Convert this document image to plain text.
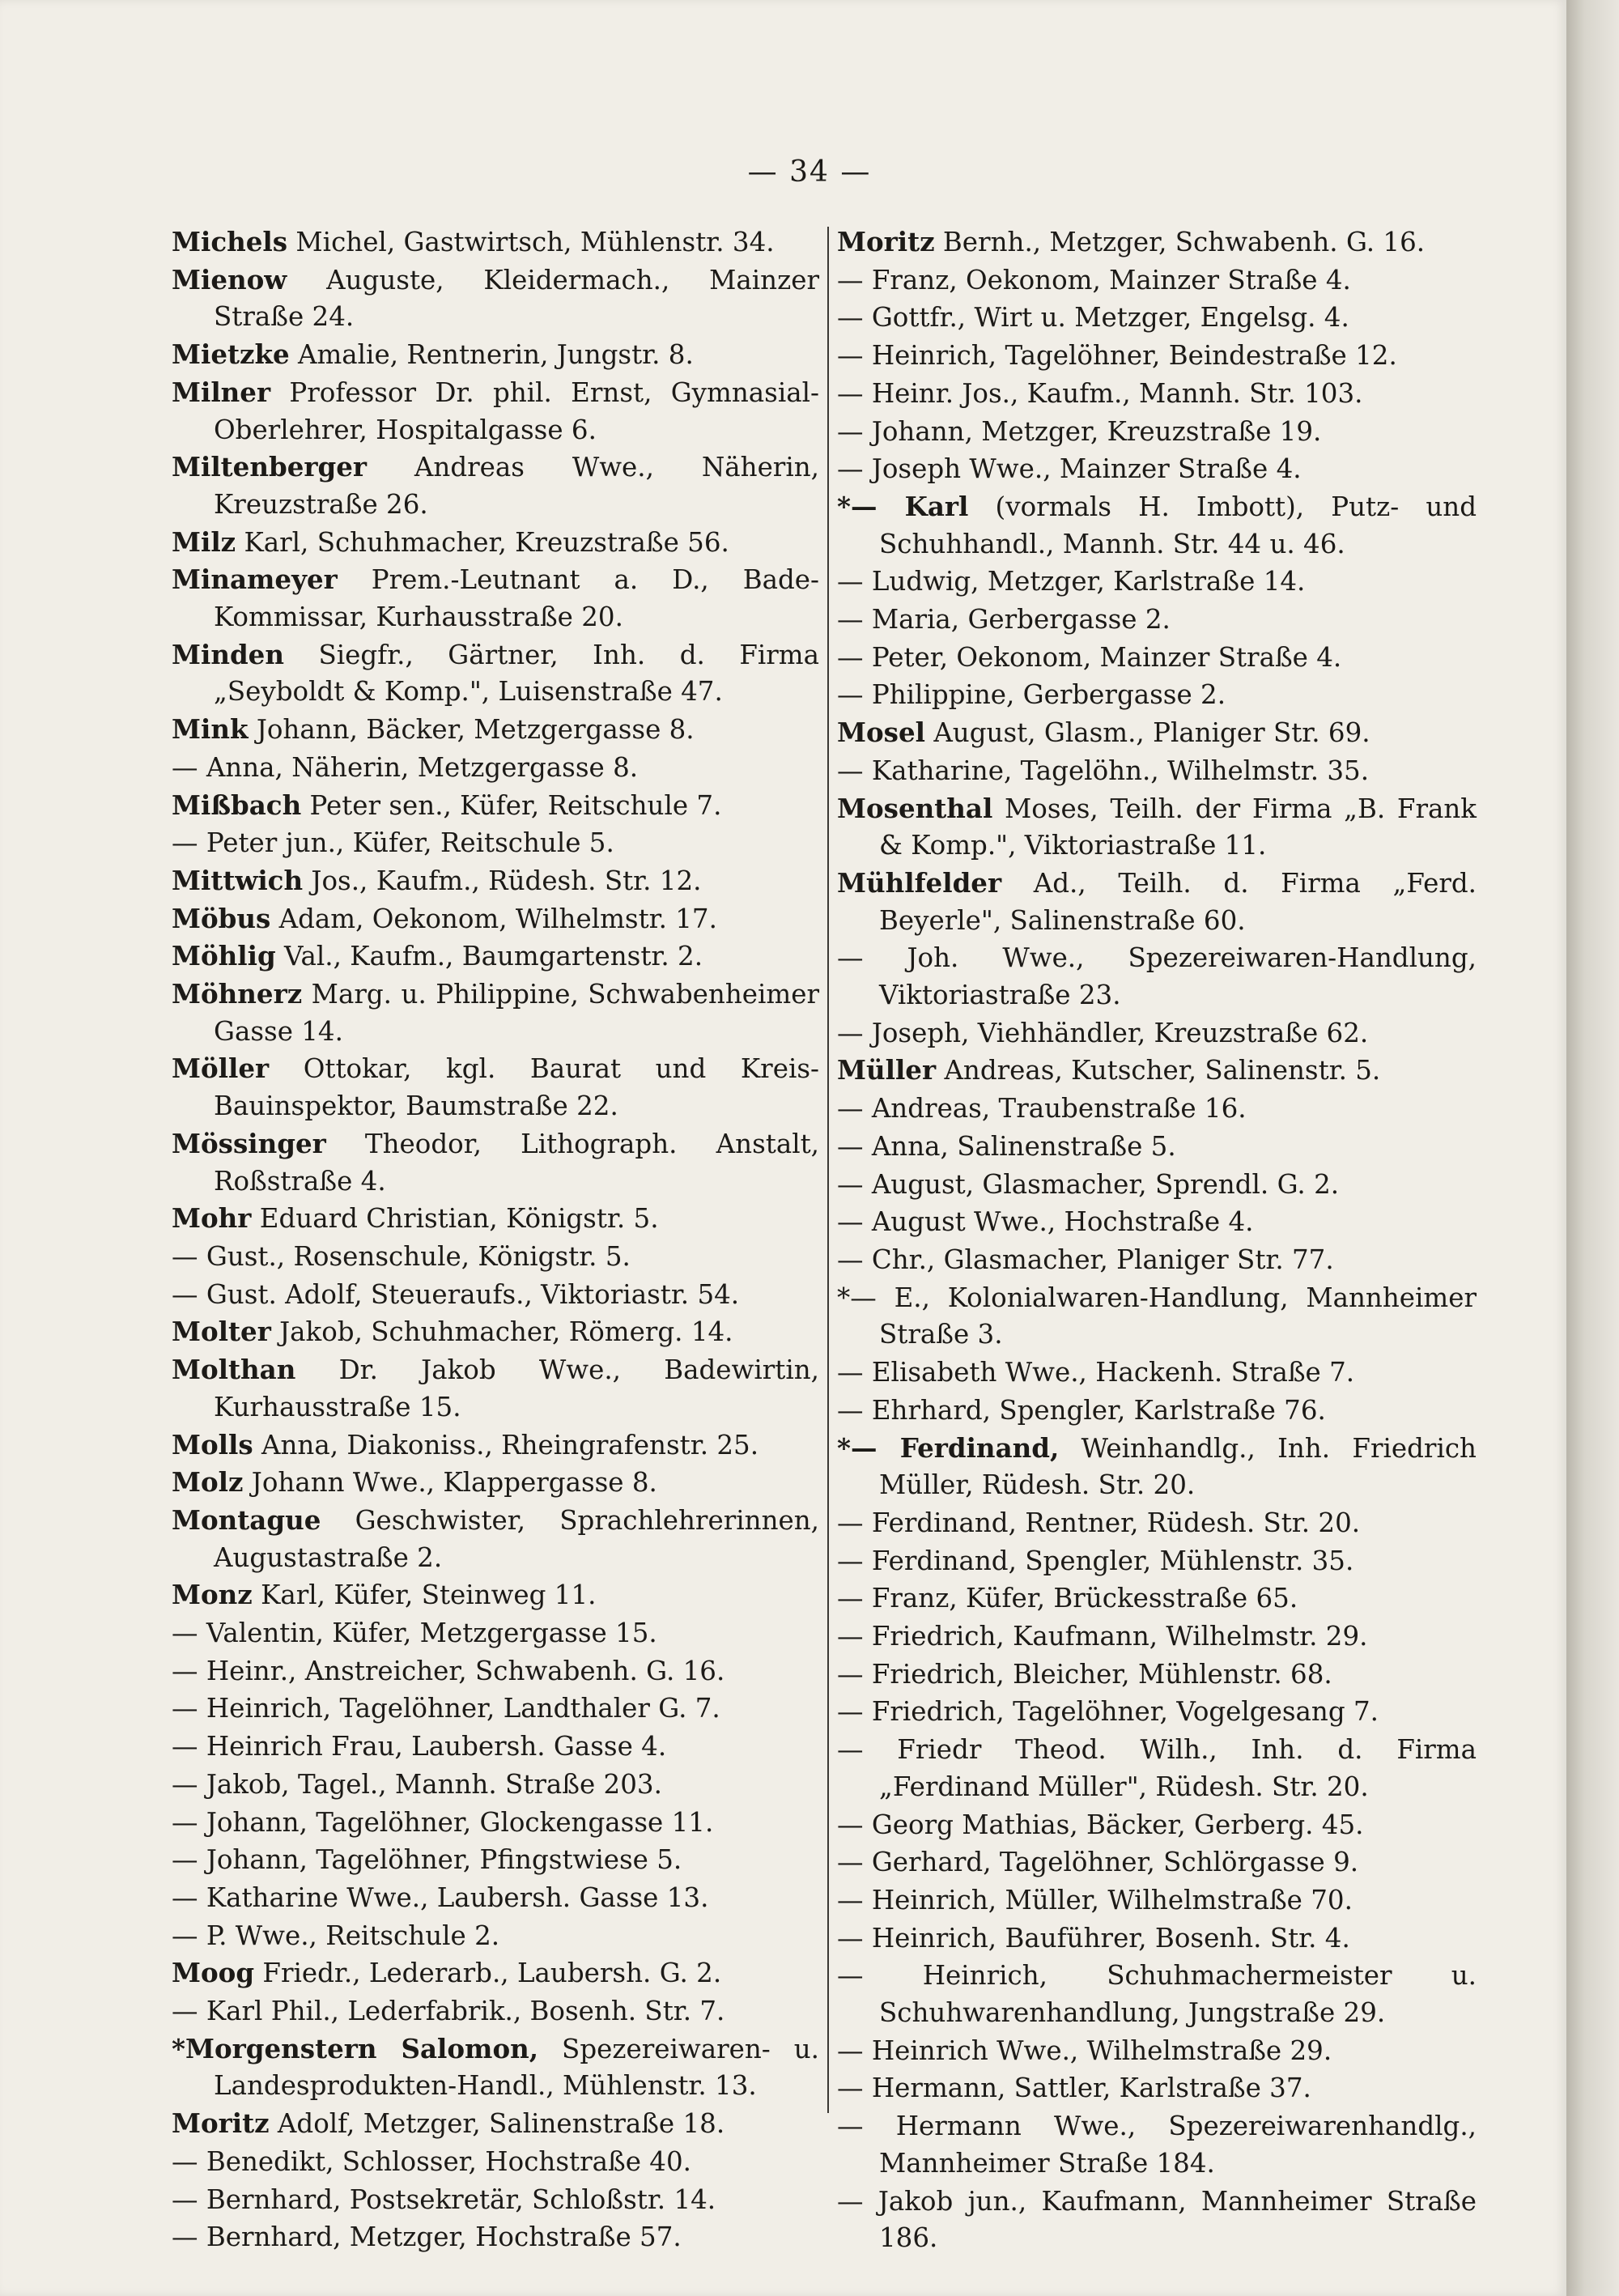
— 34 —
Michels Michel, Gastwirtsch, Mühlenstr. 34.
Mienow Auguste, Kleidermach., Mainzer Straße 24.
Mietzke Amalie, Rentnerin, Jungstr. 8.
Milner Professor Dr. phil. Ernst, Gymnasial-Oberlehrer, Hospitalgasse 6.
Miltenberger Andreas Wwe., Näherin, Kreuzstraße 26.
Milz Karl, Schuhmacher, Kreuzstraße 56.
Minameyer Prem.-Leutnant a. D., Bade-Kommissar, Kurhausstraße 20.
Minden Siegfr., Gärtner, Inh. d. Firma „Seyboldt & Komp.", Luisenstraße 47.
Mink Johann, Bäcker, Metzgergasse 8.
— Anna, Näherin, Metzgergasse 8.
Mißbach Peter sen., Küfer, Reitschule 7.
— Peter jun., Küfer, Reitschule 5.
Mittwich Jos., Kaufm., Rüdesh. Str. 12.
Möbus Adam, Oekonom, Wilhelmstr. 17.
Möhlig Val., Kaufm., Baumgartenstr. 2.
Möhnerz Marg. u. Philippine, Schwabenheimer Gasse 14.
Möller Ottokar, kgl. Baurat und Kreis-Bauinspektor, Baumstraße 22.
Mössinger Theodor, Lithograph. Anstalt, Roßstraße 4.
Mohr Eduard Christian, Königstr. 5.
— Gust., Rosenschule, Königstr. 5.
— Gust. Adolf, Steueraufs., Viktoriastr. 54.
Molter Jakob, Schuhmacher, Römerg. 14.
Molthan Dr. Jakob Wwe., Badewirtin, Kurhausstraße 15.
Molls Anna, Diakoniss., Rheingrafenstr. 25.
Molz Johann Wwe., Klappergasse 8.
Montague Geschwister, Sprachlehrerinnen, Augustastraße 2.
Monz Karl, Küfer, Steinweg 11.
— Valentin, Küfer, Metzgergasse 15.
— Heinr., Anstreicher, Schwabenh. G. 16.
— Heinrich, Tagelöhner, Landthaler G. 7.
— Heinrich Frau, Laubersh. Gasse 4.
— Jakob, Tagel., Mannh. Straße 203.
— Johann, Tagelöhner, Glockengasse 11.
— Johann, Tagelöhner, Pfingstwiese 5.
— Katharine Wwe., Laubersh. Gasse 13.
— P. Wwe., Reitschule 2.
Moog Friedr., Lederarb., Laubersh. G. 2.
— Karl Phil., Lederfabrik., Bosenh. Str. 7.
*Morgenstern Salomon, Spezereiwaren- u. Landesprodukten-Handl., Mühlenstr. 13.
Moritz Adolf, Metzger, Salinenstraße 18.
— Benedikt, Schlosser, Hochstraße 40.
— Bernhard, Postsekretär, Schloßstr. 14.
— Bernhard, Metzger, Hochstraße 57.
Moritz Bernh., Metzger, Schwabenh. G. 16.
— Franz, Oekonom, Mainzer Straße 4.
— Gottfr., Wirt u. Metzger, Engelsg. 4.
— Heinrich, Tagelöhner, Beindestraße 12.
— Heinr. Jos., Kaufm., Mannh. Str. 103.
— Johann, Metzger, Kreuzstraße 19.
— Joseph Wwe., Mainzer Straße 4.
*— Karl (vormals H. Imbott), Putz- und Schuhhandl., Mannh. Str. 44 u. 46.
— Ludwig, Metzger, Karlstraße 14.
— Maria, Gerbergasse 2.
— Peter, Oekonom, Mainzer Straße 4.
— Philippine, Gerbergasse 2.
Mosel August, Glasm., Planiger Str. 69.
— Katharine, Tagelöhn., Wilhelmstr. 35.
Mosenthal Moses, Teilh. der Firma „B. Frank & Komp.", Viktoriastraße 11.
Mühlfelder Ad., Teilh. d. Firma „Ferd. Beyerle", Salinenstraße 60.
— Joh. Wwe., Spezereiwaren-Handlung, Viktoriastraße 23.
— Joseph, Viehhändler, Kreuzstraße 62.
Müller Andreas, Kutscher, Salinenstr. 5.
— Andreas, Traubenstraße 16.
— Anna, Salinenstraße 5.
— August, Glasmacher, Sprendl. G. 2.
— August Wwe., Hochstraße 4.
— Chr., Glasmacher, Planiger Str. 77.
*— E., Kolonialwaren-Handlung, Mannheimer Straße 3.
— Elisabeth Wwe., Hackenh. Straße 7.
— Ehrhard, Spengler, Karlstraße 76.
*— Ferdinand, Weinhandlg., Inh. Friedrich Müller, Rüdesh. Str. 20.
— Ferdinand, Rentner, Rüdesh. Str. 20.
— Ferdinand, Spengler, Mühlenstr. 35.
— Franz, Küfer, Brückesstraße 65.
— Friedrich, Kaufmann, Wilhelmstr. 29.
— Friedrich, Bleicher, Mühlenstr. 68.
— Friedrich, Tagelöhner, Vogelgesang 7.
— Friedr Theod. Wilh., Inh. d. Firma „Ferdinand Müller", Rüdesh. Str. 20.
— Georg Mathias, Bäcker, Gerberg. 45.
— Gerhard, Tagelöhner, Schlörgasse 9.
— Heinrich, Müller, Wilhelmstraße 70.
— Heinrich, Bauführer, Bosenh. Str. 4.
— Heinrich, Schuhmachermeister u. Schuhwarenhandlung, Jungstraße 29.
— Heinrich Wwe., Wilhelmstraße 29.
— Hermann, Sattler, Karlstraße 37.
— Hermann Wwe., Spezereiwarenhandlg., Mannheimer Straße 184.
— Jakob jun., Kaufmann, Mannheimer Straße 186.
